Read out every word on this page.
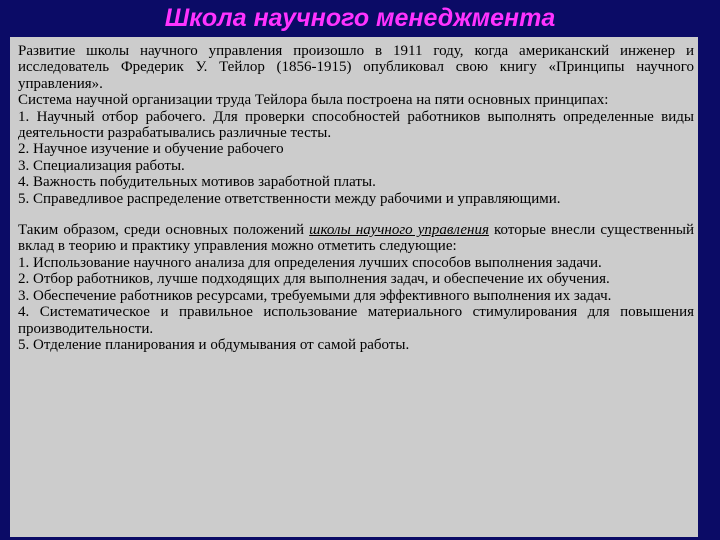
Школа научного менеджмента

Развитие школы научного управления произошло в 1911 году, когда американский инженер и исследователь Фредерик У. Тейлор (1856-1915) опубликовал свою книгу «Принципы научного управления».

Система научной организации труда Тейлора была построена на пяти основных принципах:

1. Научный отбор рабочего. Для проверки способностей работников выполнять определенные виды деятельности разрабатывались различные тесты.

2. Научное изучение и обучение рабочего

3. Специализация работы.

4. Важность побудительных мотивов заработной платы.

5. Справедливое распределение ответственности между рабочими и управляющими.

Таким образом, среди основных положений школы научного управления которые внесли существенный вклад в теорию и практику управления можно отметить следующие:

1. Использование научного анализа для определения лучших способов выполнения задачи.

2. Отбор работников, лучше подходящих для выполнения задач, и обеспечение их обучения.

3. Обеспечение работников ресурсами, требуемыми для эффективного выполнения их задач.

4. Систематическое и правильное использование материального стимулирования для повышения производительности.

5. Отделение планирования и обдумывания от самой работы.
